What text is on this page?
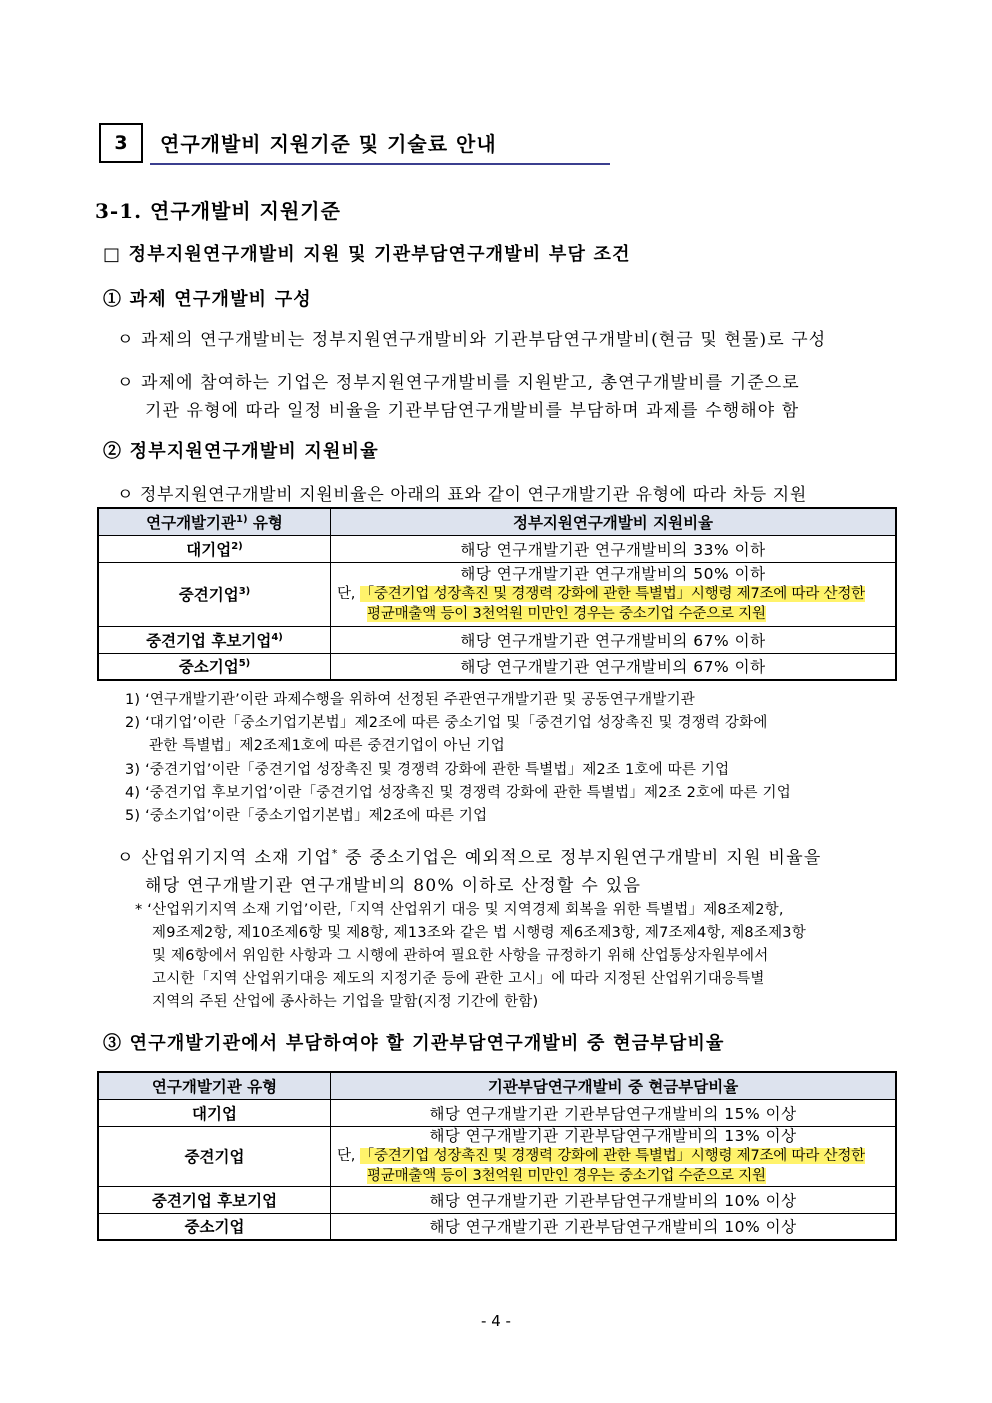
3 연구개발비 지원기준 및 기술료 안내
3-1. 연구개발비 지원기준
□ 정부지원연구개발비 지원 및 기관부담연구개발비 부담 조건
① 과제 연구개발비 구성
ㅇ 과제의 연구개발비는 정부지원연구개발비와 기관부담연구개발비(현금 및 현물)로 구성
ㅇ 과제에 참여하는 기업은 정부지원연구개발비를 지원받고, 총연구개발비를 기준으로
기관 유형에 따라 일정 비율을 기관부담연구개발비를 부담하며 과제를 수행해야 함
② 정부지원연구개발비 지원비율
ㅇ 정부지원연구개발비 지원비율은 아래의 표와 같이 연구개발기관 유형에 따라 차등 지원
연구개발기관$^{1)}$ 유형	정부지원연구개발비 지원비율
대기업$^{2)}$	해당 연구개발기관 연구개발비의 33% 이하
중견기업$^{3)}$	해당 연구개발기관 연구개발비의 50% 이하
단, 「중견기업 성장촉진 및 경쟁력 강화에 관한 특별법」시행령 제7조에 따라 산정한
평균매출액 등이 3천억원 미만인 경우는 중소기업 수준으로 지원

중견기업 후보기업$^{4)}$	해당 연구개발기관 연구개발비의 67% 이하
중소기업$^{5)}$	해당 연구개발기관 연구개발비의 67% 이하
1) ‘연구개발기관’이란 과제수행을 위하여 선정된 주관연구개발기관 및 공동연구개발기관
2) ‘대기업’이란「중소기업기본법」제2조에 따른 중소기업 및「중견기업 성장촉진 및 경쟁력 강화에
관한 특별법」제2조제1호에 따른 중견기업이 아닌 기업
3) ‘중견기업’이란「중견기업 성장촉진 및 경쟁력 강화에 관한 특별법」제2조 1호에 따른 기업
4) ‘중견기업 후보기업’이란「중견기업 성장촉진 및 경쟁력 강화에 관한 특별법」제2조 2호에 따른 기업
5) ‘중소기업’이란「중소기업기본법」제2조에 따른 기업
ㅇ 산업위기지역 소재 기업* 중 중소기업은 예외적으로 정부지원연구개발비 지원 비율을
해당 연구개발기관 연구개발비의 80% 이하로 산정할 수 있음
* ‘산업위기지역 소재 기업’이란,「지역 산업위기 대응 및 지역경제 회복을 위한 특별법」제8조제2항,
제9조제2항, 제10조제6항 및 제8항, 제13조와 같은 법 시행령 제6조제3항, 제7조제4항, 제8조제3항
및 제6항에서 위임한 사항과 그 시행에 관하여 필요한 사항을 규정하기 위해 산업통상자원부에서
고시한「지역 산업위기대응 제도의 지정기준 등에 관한 고시」에 따라 지정된 산업위기대응특별
지역의 주된 산업에 종사하는 기업을 말함(지정 기간에 한함)
③ 연구개발기관에서 부담하여야 할 기관부담연구개발비 중 현금부담비율
연구개발기관 유형	기관부담연구개발비 중 현금부담비율
대기업	해당 연구개발기관 기관부담연구개발비의 15% 이상
중견기업	해당 연구개발기관 기관부담연구개발비의 13% 이상
단, 「중견기업 성장촉진 및 경쟁력 강화에 관한 특별법」시행령 제7조에 따라 산정한
평균매출액 등이 3천억원 미만인 경우는 중소기업 수준으로 지원

중견기업 후보기업	해당 연구개발기관 기관부담연구개발비의 10% 이상
중소기업	해당 연구개발기관 기관부담연구개발비의 10% 이상
- 4 -
